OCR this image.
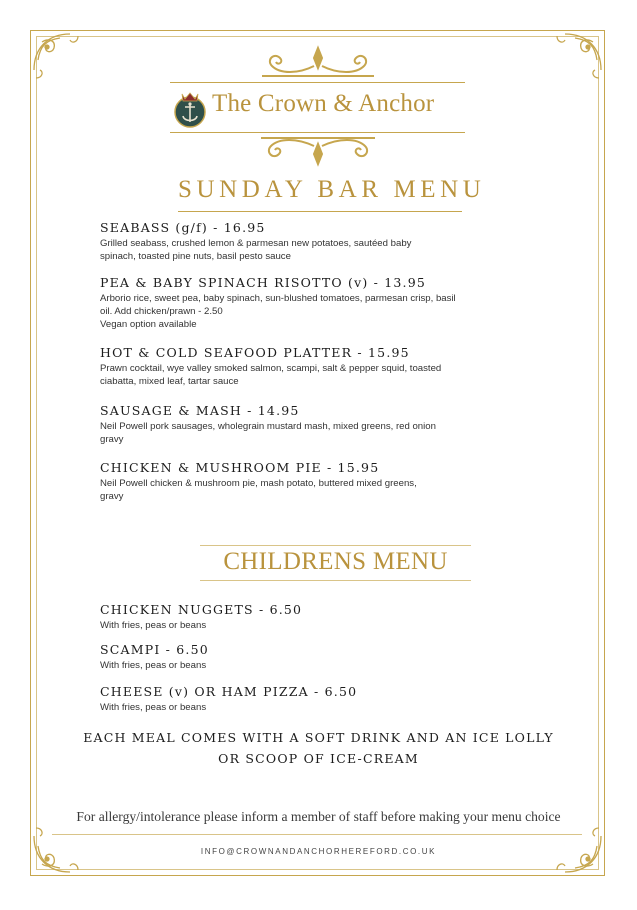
The Crown & Anchor
SUNDAY BAR MENU
SEABASS (g/f) - 16.95
Grilled seabass, crushed lemon & parmesan new potatoes, sautéed baby
spinach, toasted pine nuts, basil pesto sauce
PEA & BABY SPINACH RISOTTO (v) - 13.95
Arborio rice, sweet pea, baby spinach, sun-blushed tomatoes, parmesan crisp, basil
oil. Add chicken/prawn - 2.50
Vegan option available
HOT & COLD SEAFOOD PLATTER - 15.95
Prawn cocktail, wye valley smoked salmon, scampi, salt & pepper squid, toasted
ciabatta, mixed leaf, tartar sauce
SAUSAGE & MASH - 14.95
Neil Powell pork sausages, wholegrain mustard mash, mixed greens, red onion
gravy
CHICKEN & MUSHROOM PIE - 15.95
Neil Powell chicken & mushroom pie, mash potato, buttered mixed greens,
gravy
CHILDRENS MENU
CHICKEN NUGGETS - 6.50
With fries, peas or beans
SCAMPI - 6.50
With fries, peas or beans
CHEESE (v) OR HAM PIZZA - 6.50
With fries, peas or beans
EACH MEAL COMES WITH A SOFT DRINK AND AN ICE LOLLY
OR SCOOP OF ICE-CREAM
For allergy/intolerance please inform a member of staff before making your menu choice
INFO@CROWNANDANCHORHEREFORD.CO.UK
